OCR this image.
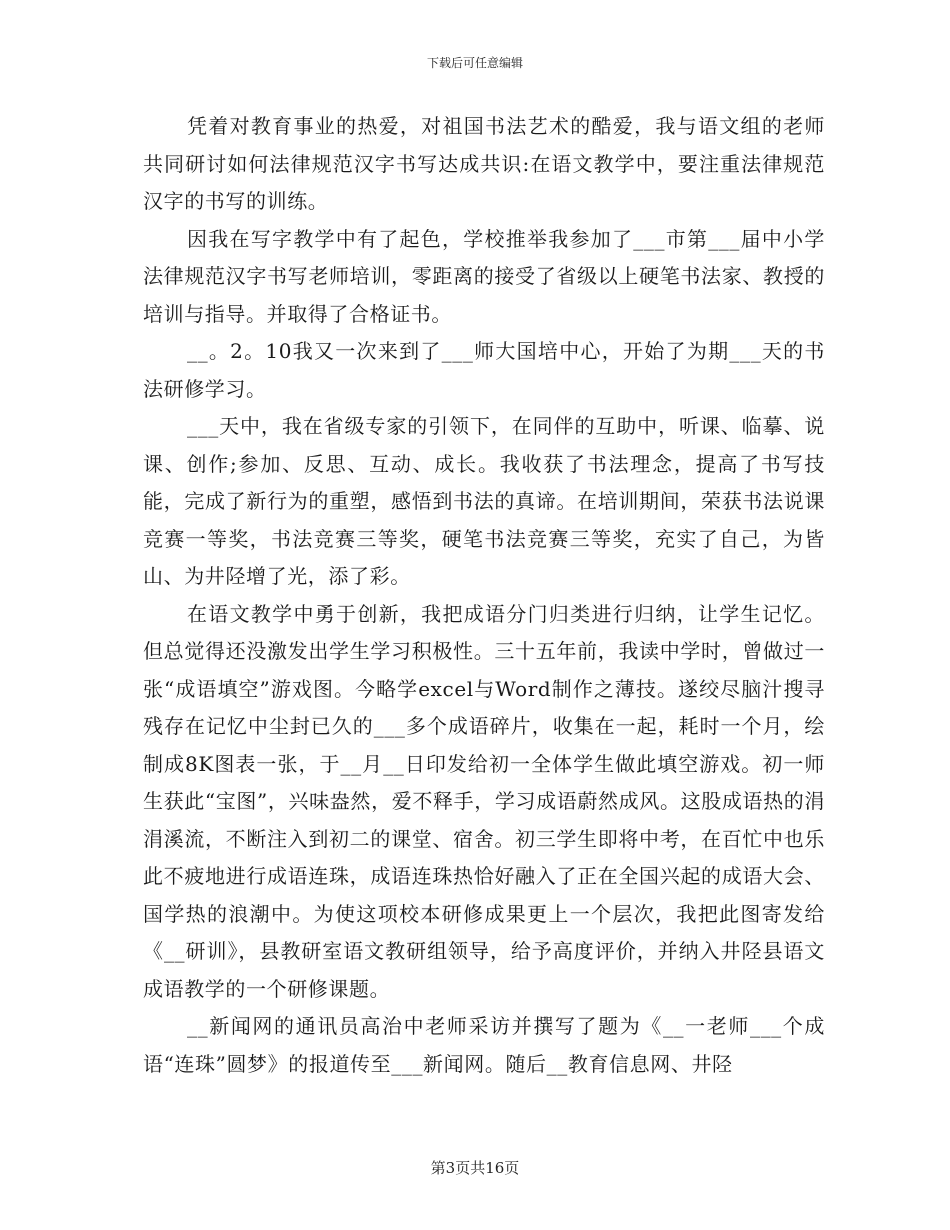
下载后可任意编辑

凭着对教育事业的热爱，对祖国书法艺术的酷爱，我与语文组的老师共同研讨如何法律规范汉字书写达成共识:在语文教学中，要注重法律规范汉字的书写的训练。

因我在写字教学中有了起色，学校推举我参加了___市第___届中小学法律规范汉字书写老师培训，零距离的接受了省级以上硬笔书法家、教授的培训与指导。并取得了合格证书。

__。2。10我又一次来到了___师大国培中心，开始了为期___天的书法研修学习。

___天中，我在省级专家的引领下，在同伴的互助中，听课、临摹、说课、创作;参加、反思、互动、成长。我收获了书法理念，提高了书写技能，完成了新行为的重塑，感悟到书法的真谛。在培训期间，荣获书法说课竞赛一等奖，书法竞赛三等奖，硬笔书法竞赛三等奖，充实了自己，为皆山、为井陉增了光，添了彩。

在语文教学中勇于创新，我把成语分门归类进行归纳，让学生记忆。但总觉得还没激发出学生学习积极性。三十五年前，我读中学时，曾做过一张“成语填空”游戏图。今略学excel与Word制作之薄技。遂绞尽脑汁搜寻残存在记忆中尘封已久的___多个成语碎片，收集在一起，耗时一个月，绘制成8K图表一张，于__月__日印发给初一全体学生做此填空游戏。初一师生获此“宝图”，兴味盎然，爱不释手，学习成语蔚然成风。这股成语热的涓涓溪流，不断注入到初二的课堂、宿舍。初三学生即将中考，在百忙中也乐此不疲地进行成语连珠，成语连珠热恰好融入了正在全国兴起的成语大会、国学热的浪潮中。为使这项校本研修成果更上一个层次，我把此图寄发给《__研训》，县教研室语文教研组领导，给予高度评价，并纳入井陉县语文成语教学的一个研修课题。

__新闻网的通讯员高治中老师采访并撰写了题为《__一老师___个成语“连珠”圆梦》的报道传至___新闻网。随后__教育信息网、井陉

第3页共16页
